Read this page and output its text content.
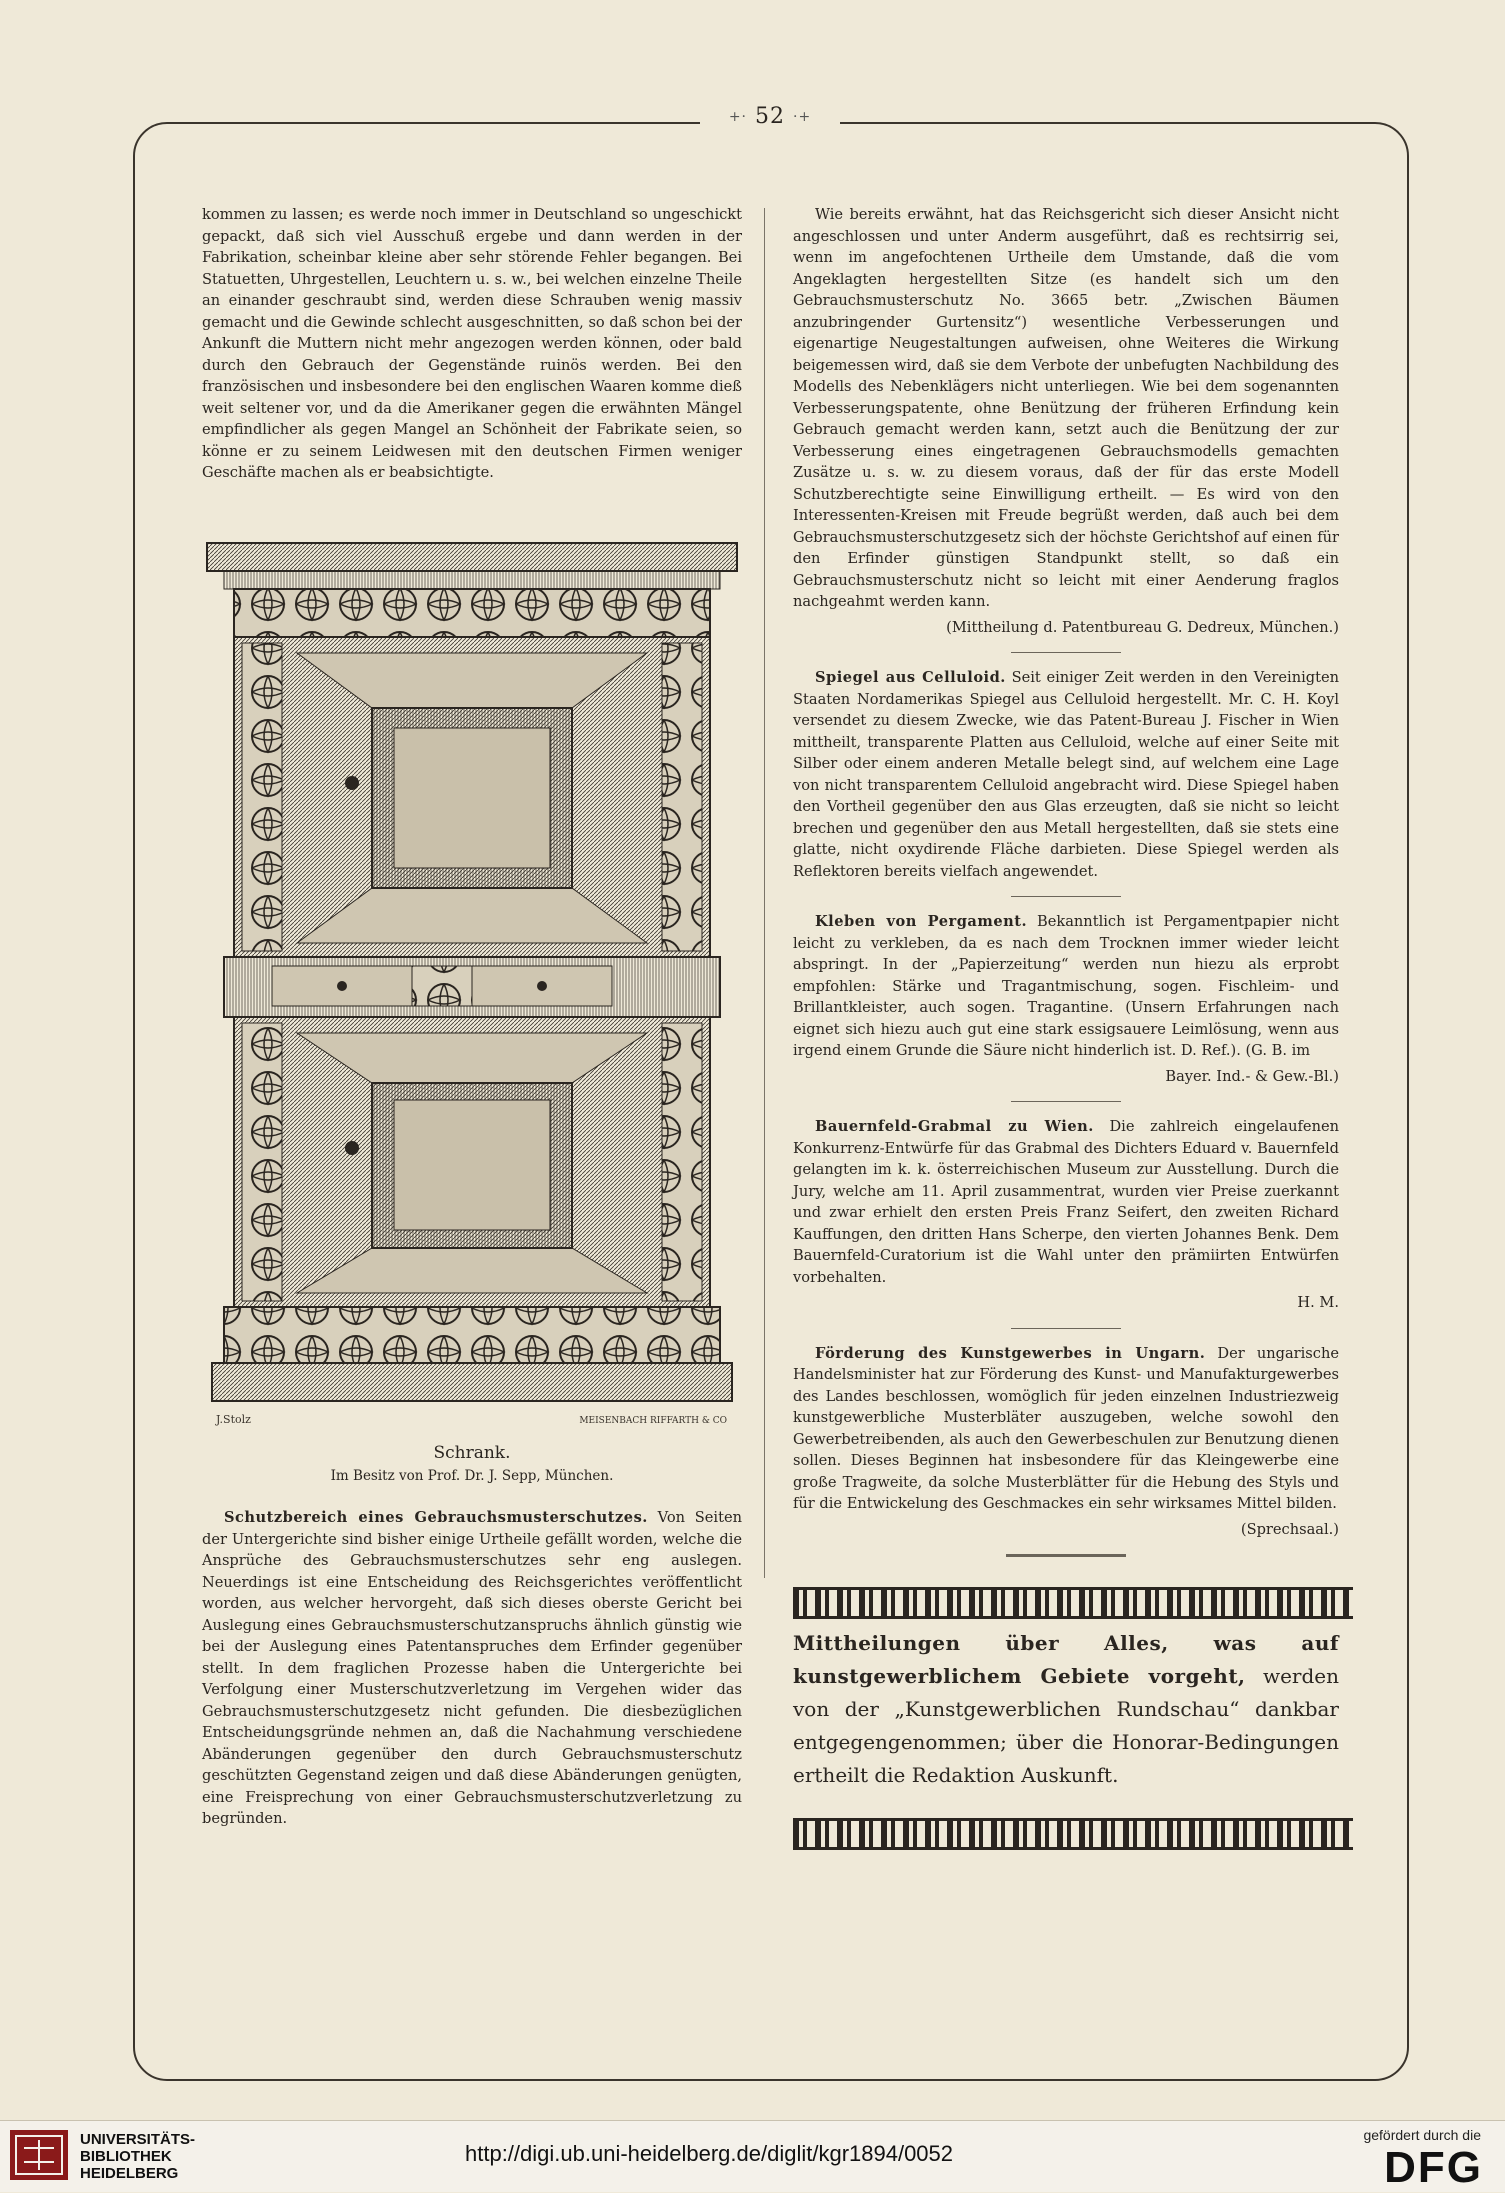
+· 52 ·+

kommen zu lassen; es werde noch immer in Deutschland so ungeschickt gepackt, daß sich viel Ausschuß ergebe und dann werden in der Fabrikation, scheinbar kleine aber sehr störende Fehler begangen. Bei Statuetten, Uhrgestellen, Leuchtern u. s. w., bei welchen einzelne Theile an einander geschraubt sind, werden diese Schrauben wenig massiv gemacht und die Gewinde schlecht ausgeschnitten, so daß schon bei der Ankunft die Muttern nicht mehr angezogen werden können, oder bald durch den Gebrauch der Gegenstände ruinös werden. Bei den französischen und insbesondere bei den englischen Waaren komme dieß weit seltener vor, und da die Amerikaner gegen die erwähnten Mängel empfindlicher als gegen Mangel an Schönheit der Fabrikate seien, so könne er zu seinem Leidwesen mit den deutschen Firmen weniger Geschäfte machen als er beabsichtigte.

J.Stolz	MEISENBACH RIFFARTH & CO
Schrank.
Im Besitz von Prof. Dr. J. Sepp, München.

Schutzbereich eines Gebrauchsmusterschutzes. Von Seiten der Untergerichte sind bisher einige Urtheile gefällt worden, welche die Ansprüche des Gebrauchsmusterschutzes sehr eng auslegen. Neuerdings ist eine Entscheidung des Reichsgerichtes veröffentlicht worden, aus welcher hervorgeht, daß sich dieses oberste Gericht bei Auslegung eines Gebrauchsmusterschutzanspruchs ähnlich günstig wie bei der Auslegung eines Patentanspruches dem Erfinder gegenüber stellt. In dem fraglichen Prozesse haben die Untergerichte bei Verfolgung einer Musterschutzverletzung im Vergehen wider das Gebrauchsmusterschutzgesetz nicht gefunden. Die diesbezüglichen Entscheidungsgründe nehmen an, daß die Nachahmung verschiedene Abänderungen gegenüber den durch Gebrauchsmusterschutz geschützten Gegenstand zeigen und daß diese Abänderungen genügten, eine Freisprechung von einer Gebrauchsmusterschutzverletzung zu begründen.

Wie bereits erwähnt, hat das Reichsgericht sich dieser Ansicht nicht angeschlossen und unter Anderm ausgeführt, daß es rechtsirrig sei, wenn im angefochtenen Urtheile dem Umstande, daß die vom Angeklagten hergestellten Sitze (es handelt sich um den Gebrauchsmusterschutz No. 3665 betr. „Zwischen Bäumen anzubringender Gurtensitz“) wesentliche Verbesserungen und eigenartige Neugestaltungen aufweisen, ohne Weiteres die Wirkung beigemessen wird, daß sie dem Verbote der unbefugten Nachbildung des Modells des Nebenklägers nicht unterliegen. Wie bei dem sogenannten Verbesserungspatente, ohne Benützung der früheren Erfindung kein Gebrauch gemacht werden kann, setzt auch die Benützung der zur Verbesserung eines eingetragenen Gebrauchsmodells gemachten Zusätze u. s. w. zu diesem voraus, daß der für das erste Modell Schutzberechtigte seine Einwilligung ertheilt. — Es wird von den Interessenten-Kreisen mit Freude begrüßt werden, daß auch bei dem Gebrauchsmusterschutzgesetz sich der höchste Gerichtshof auf einen für den Erfinder günstigen Standpunkt stellt, so daß ein Gebrauchsmusterschutz nicht so leicht mit einer Aenderung fraglos nachgeahmt werden kann.

(Mittheilung d. Patentbureau G. Dedreux, München.)

Spiegel aus Celluloid. Seit einiger Zeit werden in den Vereinigten Staaten Nordamerikas Spiegel aus Celluloid hergestellt. Mr. C. H. Koyl versendet zu diesem Zwecke, wie das Patent-Bureau J. Fischer in Wien mittheilt, transparente Platten aus Celluloid, welche auf einer Seite mit Silber oder einem anderen Metalle belegt sind, auf welchem eine Lage von nicht transparentem Celluloid angebracht wird. Diese Spiegel haben den Vortheil gegenüber den aus Glas erzeugten, daß sie nicht so leicht brechen und gegenüber den aus Metall hergestellten, daß sie stets eine glatte, nicht oxydirende Fläche darbieten. Diese Spiegel werden als Reflektoren bereits vielfach angewendet.

Kleben von Pergament. Bekanntlich ist Pergamentpapier nicht leicht zu verkleben, da es nach dem Trocknen immer wieder leicht abspringt. In der „Papierzeitung“ werden nun hiezu als erprobt empfohlen: Stärke und Tragantmischung, sogen. Fischleim- und Brillantkleister, auch sogen. Tragantine. (Unsern Erfahrungen nach eignet sich hiezu auch gut eine stark essigsauere Leimlösung, wenn aus irgend einem Grunde die Säure nicht hinderlich ist. D. Ref.). (G. B. im

Bayer. Ind.- & Gew.-Bl.)

Bauernfeld-Grabmal zu Wien. Die zahlreich eingelaufenen Konkurrenz-Entwürfe für das Grabmal des Dichters Eduard v. Bauernfeld gelangten im k. k. österreichischen Museum zur Ausstellung. Durch die Jury, welche am 11. April zusammentrat, wurden vier Preise zuerkannt und zwar erhielt den ersten Preis Franz Seifert, den zweiten Richard Kauffungen, den dritten Hans Scherpe, den vierten Johannes Benk. Dem Bauernfeld-Curatorium ist die Wahl unter den prämiirten Entwürfen vorbehalten.

H. M.

Förderung des Kunstgewerbes in Ungarn. Der ungarische Handelsminister hat zur Förderung des Kunst- und Manufakturgewerbes des Landes beschlossen, womöglich für jeden einzelnen Industriezweig kunstgewerbliche Musterbläter auszugeben, welche sowohl den Gewerbetreibenden, als auch den Gewerbeschulen zur Benutzung dienen sollen. Dieses Beginnen hat insbesondere für das Kleingewerbe eine große Tragweite, da solche Musterblätter für die Hebung des Styls und für die Entwickelung des Geschmackes ein sehr wirksames Mittel bilden.

(Sprechsaal.)

Mittheilungen über Alles, was auf kunstgewerblichem Gebiete vorgeht, werden von der „Kunstgewerblichen Rundschau“ dankbar entgegengenommen; über die Honorar-Bedingungen ertheilt die Redaktion Auskunft.

UNIVERSITÄTS-
BIBLIOTHEK
HEIDELBERG
http://digi.ub.uni-heidelberg.de/diglit/kgr1894/0052
gefördert durch die
DFG
